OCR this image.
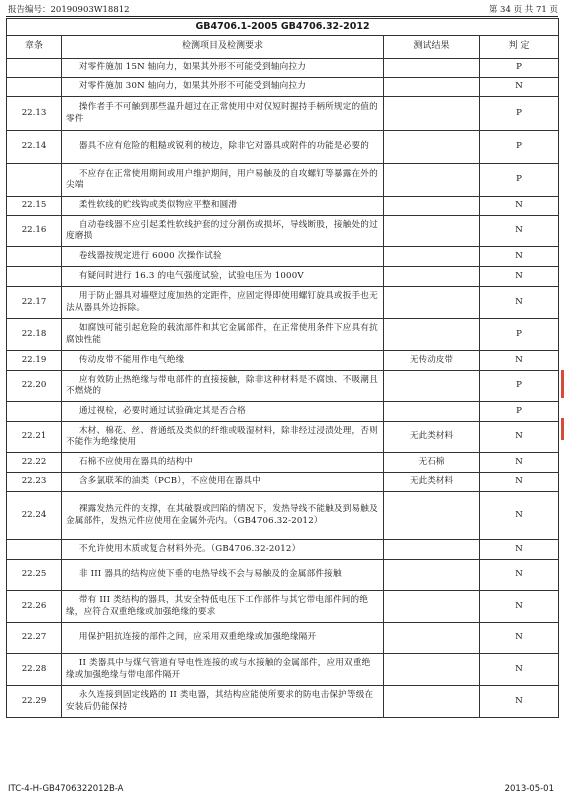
报告编号：20190903W18812	第 34 页 共 71 页
GB4706.1-2005 GB4706.32-2012			
章条	检测项目及检测要求	测试结果	判 定
	对零件施加 15N 轴向力，如果其外形不可能受到轴向拉力		P
	对零件施加 30N 轴向力，如果其外形不可能受到轴向拉力		N
22.13	操作者手不可触到那些温升超过在正常使用中对仅短时握持手柄所规定的值的零件		P
22.14	器具不应有危险的粗糙或锐利的棱边，除非它对器具或附件的功能是必要的		P
	不应存在正常使用期间或用户维护期间，用户易触及的自攻螺钉等暴露在外的尖端		P
22.15	柔性软线的贮线钩或类似物应平整和圆滑		N
22.16	自动卷线器不应引起柔性软线护套的过分割伤或损坏，导线断股，接触处的过度磨损		N
	卷线器按规定进行 6000 次操作试验		N
	有疑问时进行 16.3 的电气强度试验，试验电压为 1000V		N
22.17	用于防止器具对墙壁过度加热的定距件，应固定得即使用螺钉旋具或扳手也无法从器具外边拆除。		N
22.18	如腐蚀可能引起危险的载流部件和其它金属部件，在正常使用条件下应具有抗腐蚀性能		P
22.19	传动皮带不能用作电气绝缘	无传动皮带	N
22.20	应有效防止热绝缘与带电部件的直接接触，除非这种材料是不腐蚀、不吸潮且不燃烧的		P
	通过视检，必要时通过试验确定其是否合格		P
22.21	木材、棉花、丝、普通纸及类似的纤维或吸湿材料，除非经过浸渍处理，否则不能作为绝缘使用	无此类材料	N
22.22	石棉不应使用在器具的结构中	无石棉	N
22.23	含多氯联苯的油类（PCB），不应使用在器具中	无此类材料	N
22.24	裸露发热元件的支撑，在其破裂或凹陷的情况下，发热导线不能触及到易触及金属部件，发热元件应使用在金属外壳内。（GB4706.32-2012）		N
	不允许使用木质或复合材料外壳。（GB4706.32-2012）		N
22.25	非 III 器具的结构应使下垂的电热导线不会与易触及的金属部件接触		N
22.26	带有 III 类结构的器具，其安全特低电压下工作部件与其它带电部件间的绝缘，应符合双重绝缘或加强绝缘的要求		N
22.27	用保护阻抗连接的部件之间，应采用双重绝缘或加强绝缘隔开		N
22.28	II 类器具中与煤气管道有导电性连接的或与水接触的金属部件，应用双重绝缘或加强绝缘与带电部件隔开		N
22.29	永久连接到固定线路的 II 类电器，其结构应能使所要求的防电击保护等级在安装后仍能保持		N
ITC-4-H-GB4706322012B-A	2013-05-01
